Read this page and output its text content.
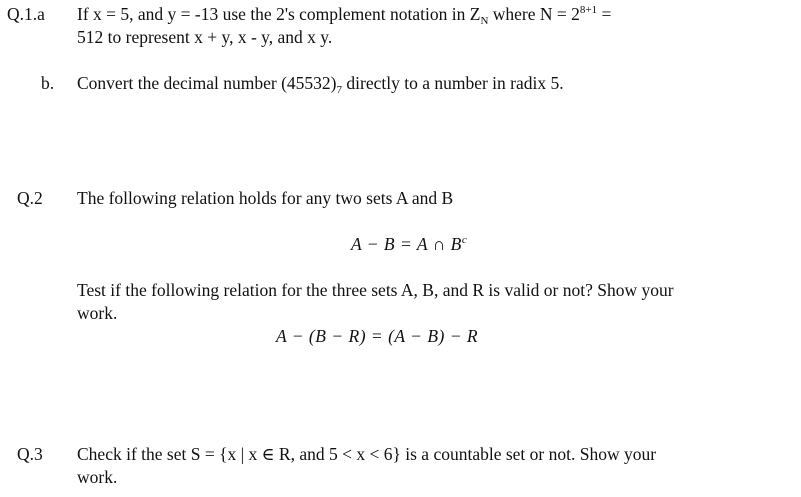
Q.1.a If x = 5, and y = -13 use the 2's complement notation in $Z_N$ where $N = 2^{8+1}$ =
512 to represent x + y, x - y, and x y.
b. Convert the decimal number $(45532)_7$ directly to a number in radix 5.
Q.2 The following relation holds for any two sets A and B
A − B = A ∩ $B^c$
Test if the following relation for the three sets A, B, and R is valid or not? Show your
work.
A − (B − R) = (A − B) − R
Q.3 Check if the set S = {x | x ∈ R, and 5 < x < 6} is a countable set or not. Show your
work.
